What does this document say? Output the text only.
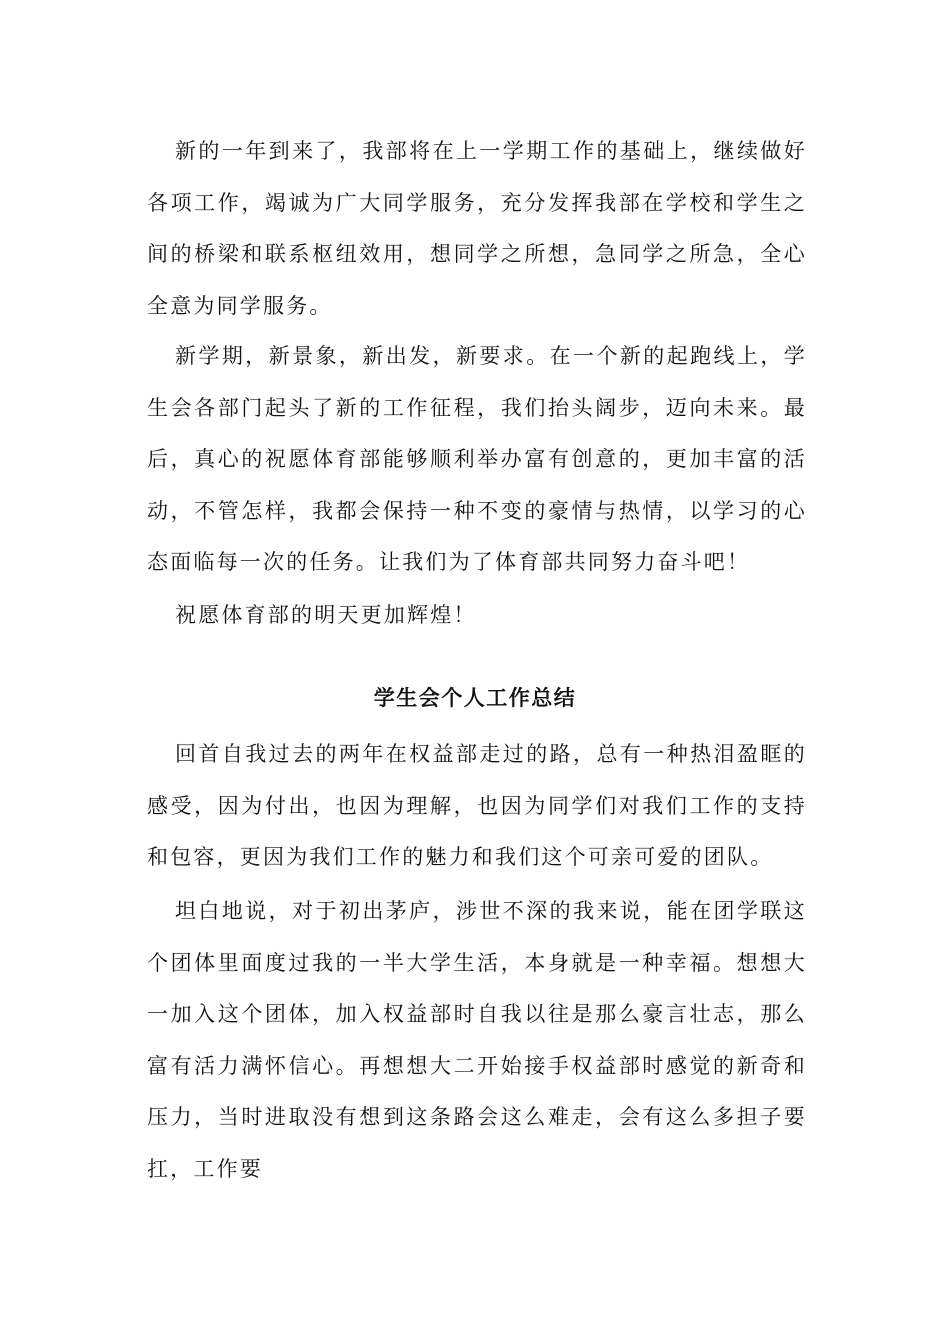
新的一年到来了，我部将在上一学期工作的基础上，继续做好各项工作，竭诚为广大同学服务，充分发挥我部在学校和学生之间的桥梁和联系枢纽效用，想同学之所想，急同学之所急，全心全意为同学服务。

新学期，新景象，新出发，新要求。在一个新的起跑线上，学生会各部门起头了新的工作征程，我们抬头阔步，迈向未来。最后，真心的祝愿体育部能够顺利举办富有创意的，更加丰富的活动，不管怎样，我都会保持一种不变的豪情与热情，以学习的心态面临每一次的任务。让我们为了体育部共同努力奋斗吧！

祝愿体育部的明天更加辉煌！

学生会个人工作总结

回首自我过去的两年在权益部走过的路，总有一种热泪盈眶的感受，因为付出，也因为理解，也因为同学们对我们工作的支持和包容，更因为我们工作的魅力和我们这个可亲可爱的团队。

坦白地说，对于初出茅庐，涉世不深的我来说，能在团学联这个团体里面度过我的一半大学生活，本身就是一种幸福。想想大一加入这个团体，加入权益部时自我以往是那么豪言壮志，那么富有活力满怀信心。再想想大二开始接手权益部时感觉的新奇和压力，当时进取没有想到这条路会这么难走，会有这么多担子要扛，工作要
